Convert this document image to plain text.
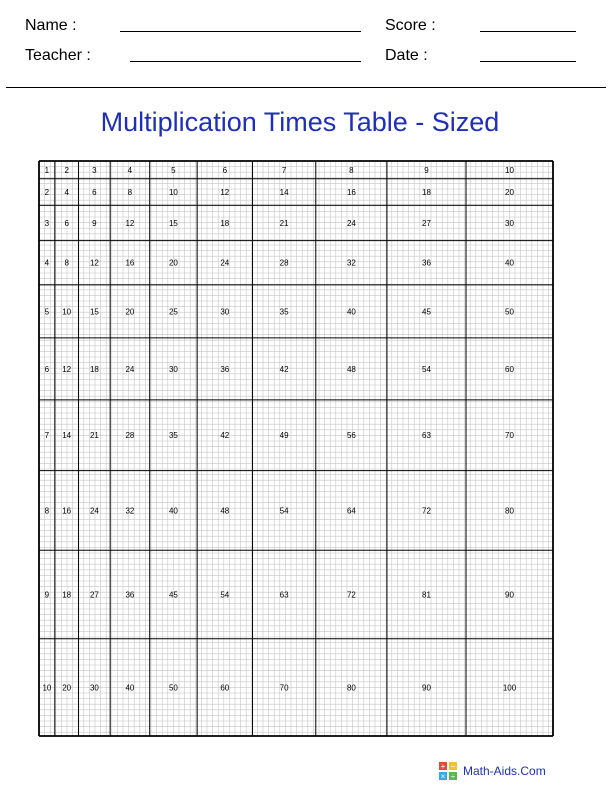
Name :	Score :
Teacher :	Date :
Multiplication Times Table - Sized
1 2	3	4	5	6	7	8	9	10
2 4	6	8	10	12	14	16	18	20
3 6	9	12	15	18	21	24	27	30
4 8	12	16	20	24	28	32	36	40
5 10 15	20	25	30	35	40	45	50
6 12 18	24	30	36	42	48	54	60
7 14 21	28	35	42	49	56	63	70
8 16 24	32	40	48	54	64	72	80
9 18 27	36	45	54	63	72	81	90
10 20 30	40	50	60	70	80	90	100
+ −
× ÷ Math-Aids.Com
